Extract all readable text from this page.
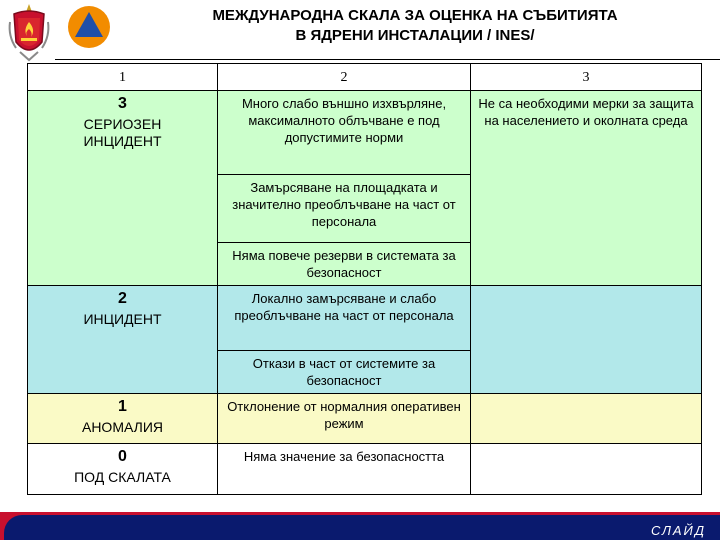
МЕЖДУНАРОДНА СКАЛА ЗА ОЦЕНКА НА СЪБИТИЯТА
В ЯДРЕНИ ИНСТАЛАЦИИ / INES/
1	2	3

3
СЕРИОЗЕН
ИНЦИДЕНТ	Много слабо външно изхвърляне, максималното облъчване е под допустимите норми	Не са необходими мерки за защита на населението и околната среда
	Замърсяване на площадката и значително преоблъчване на част от персонала	
	Няма повече резерви в системата за безопасност	

2
ИНЦИДЕНТ	Локално замърсяване и слабо преоблъчване на част от персонала	
	Откази в част от системите за безопасност	

1
АНОМАЛИЯ	Отклонение от нормалния оперативен режим	

0
ПОД СКАЛАТА	Няма значение за безопасността	
СЛАЙД
